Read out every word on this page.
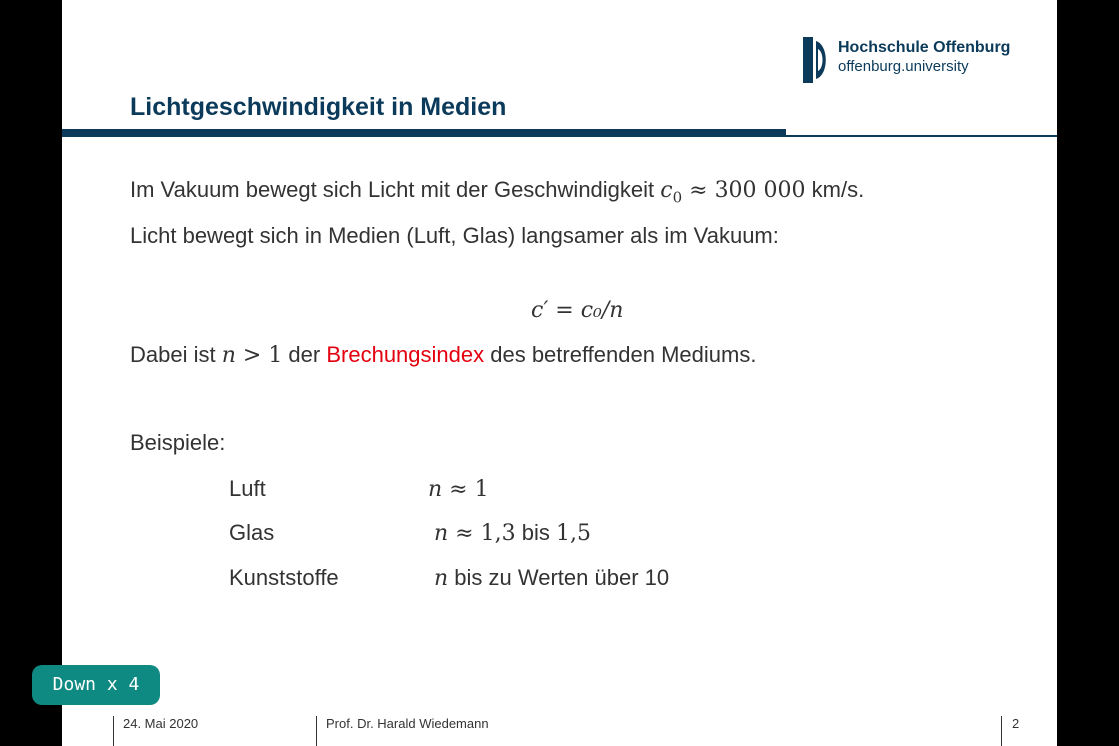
Hochschule Offenburg
offenburg.university
Lichtgeschwindigkeit in Medien
Im Vakuum bewegt sich Licht mit der Geschwindigkeit $c_0 \approx 300$ 000 km/s.
Licht bewegt sich in Medien (Luft, Glas) langsamer als im Vakuum:
c′ = c₀/n
Dabei ist n > 1 der Brechungsindex des betreffenden Mediums.
Beispiele:
Luft	n ≈ 1
Glas	n ≈ 1,3 bis 1,5
Kunststoffe	n bis zu Werten über 10
24. Mai 2020	Prof. Dr. Harald Wiedemann	2
Down x 4
